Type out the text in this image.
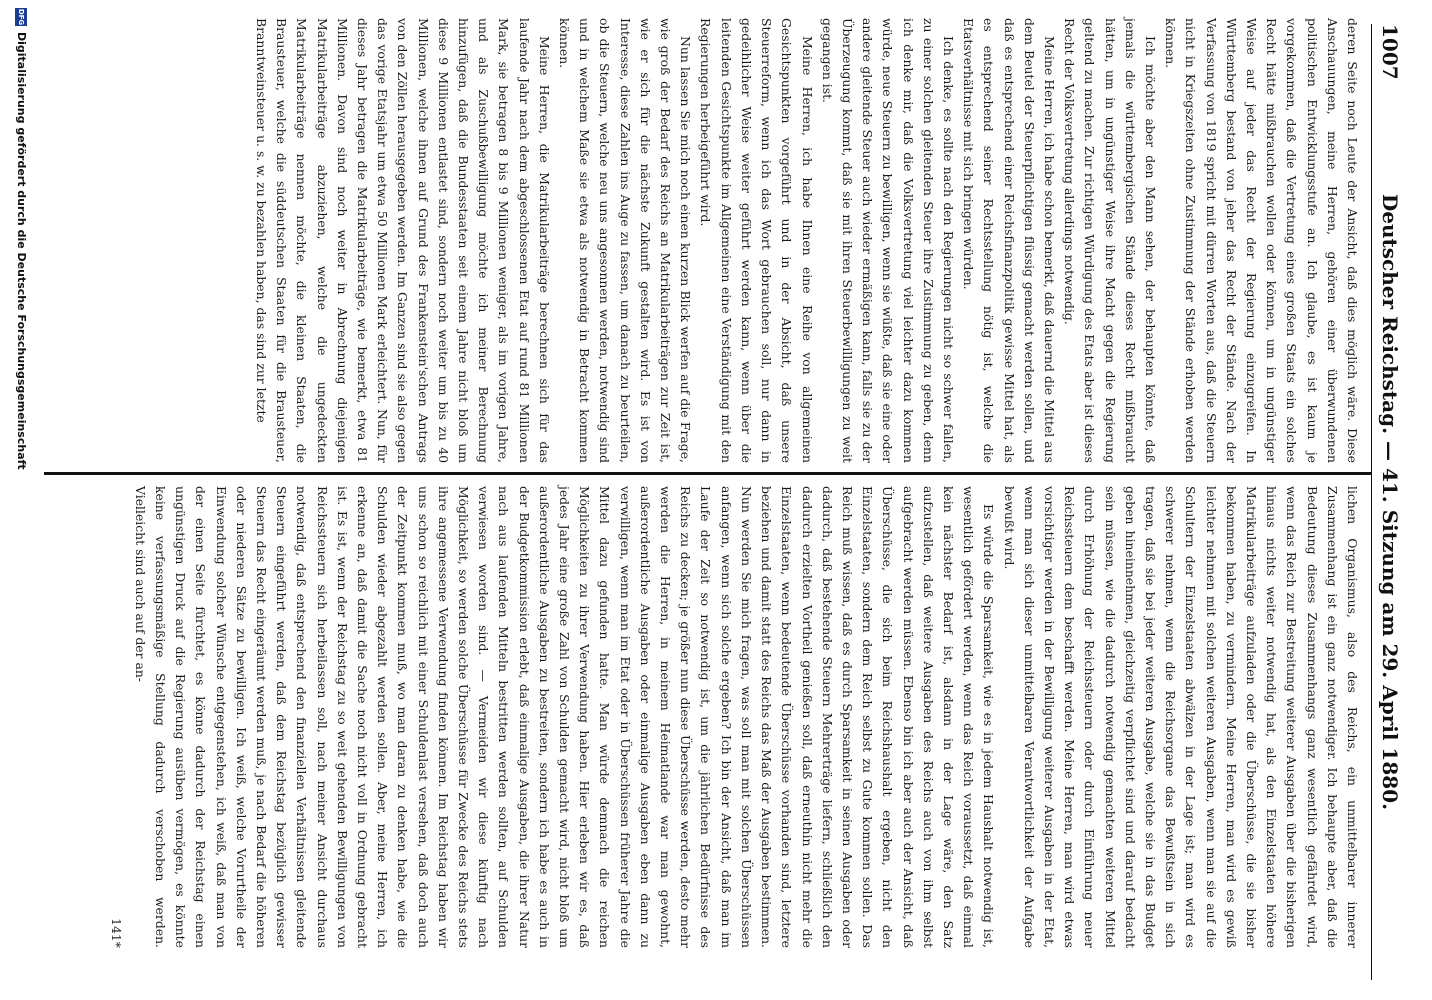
1007
Deutscher Reichstag. — 41. Sitzung am 29. April 1880.

deren Seite noch Leute der Ansicht, daß dies möglich wäre. Diese Anschauungen, meine Herren, gehören einer überwundenen politischen Entwicklungsstufe an. Ich glaube, es ist kaum je vorgekommen, daß die Vertretung eines großen Staats ein solches Recht hätte mißbrauchen wollen oder können, um in ungünstiger Weise auf jeder das Recht der Regierung einzugreifen. In Württemberg bestand von jeher das Recht der Stände. Nach der Verfassung von 1819 spricht mit dürren Worten aus, daß die Steuern nicht in Kriegszeiten ohne Zustimmung der Stände erhoben werden können.

Ich möchte aber den Mann sehen, der behaupten könnte, daß jemals die württembergischen Stände dieses Recht mißbraucht hätten, um in ungünstiger Weise ihre Macht gegen die Regierung geltend zu machen. Zur richtigen Würdigung des Etats aber ist dieses Recht der Volksvertretung allerdings notwendig.

Meine Herren, ich habe schon bemerkt, daß dauernd die Mittel aus dem Beutel der Steuerpflichtigen flüssig gemacht werden sollen, und daß es entsprechend einer Reichsfinanzpolitik gewisse Mittel hat, als es entsprechend seiner Rechtsstellung nötig ist, welche die Etatsverhältnisse mit sich bringen würden.

Ich denke, es sollte nach den Regierungen nicht so schwer fallen, zu einer solchen gleitenden Steuer ihre Zustimmung zu geben, denn ich denke mir, daß die Volksvertretung viel leichter dazu kommen würde, neue Steuern zu bewilligen, wenn sie wüßte, daß sie eine oder andere gleitende Steuer auch wieder ermäßigen kann, falls sie zu der Überzeugung kommt, daß sie mit ihren Steuerbewilligungen zu weit gegangen ist.

Meine Herren, ich habe Ihnen eine Reihe von allgemeinen Gesichtspunkten vorgeführt und in der Absicht, daß unsere Steuerreform, wenn ich das Wort gebrauchen soll, nur dann in gedeihlicher Weise weiter geführt werden kann, wenn über die leitenden Gesichtspunkte im Allgemeinen eine Verständigung mit den Regierungen herbeigeführt wird.

Nun lassen Sie mich noch einen kurzen Blick werfen auf die Frage, wie groß der Bedarf des Reichs an Matrikularbeiträgen zur Zeit ist, wie er sich für die nächste Zukunft gestalten wird. Es ist von Interesse, diese Zahlen ins Auge zu fassen, um danach zu beurteilen, ob die Steuern, welche neu uns angesonnen werden, notwendig sind und in welchem Maße sie etwa als notwendig in Betracht kommen können.

Meine Herren, die Matrikularbeiträge berechnen sich für das laufende Jahr nach dem abgeschlossenen Etat auf rund 81 Millionen Mark, sie betragen 8 bis 9 Millionen weniger, als im vorigen Jahre, und als Zuschußbewilligung möchte ich meiner Berechnung hinzufügen, daß die Bundesstaaten seit einem Jahre nicht bloß um diese 9 Millionen entlastet sind, sondern noch weiter um bis zu 40 Millionen, welche ihnen auf Grund des Frankenstein'schen Antrags von den Zöllen herausgegeben werden. Im Ganzen sind sie also gegen das vorige Etatsjahr um etwa 50 Millionen Mark erleichtert. Nun, für dieses Jahr betragen die Matrikularbeiträge, wie bemerkt, etwa 81 Millionen. Davon sind noch weiter in Abrechnung diejenigen Matrikularbeiträge abzuziehen, welche die ungedeckten Matrikularbeiträge nennen möchte, die kleinen Staaten, die Brausteuer, welche die süddeutschen Staaten für die Brausteuer, Branntweinsteuer u. s. w. zu bezahlen haben, das sind zur letzte

lichen Organismus, also des Reichs, ein unmittelbarer innerer Zusammenhang ist ein ganz notwendiger. Ich behaupte aber, daß die Bedeutung dieses Zusammenhangs ganz wesentlich gefährdet wird, wenn das Reich zur Bestreitung weiterer Ausgaben über die bisherigen hinaus nichts weiter notwendig hat, als den Einzelstaaten höhere Matrikularbeiträge aufzuladen oder die Überschüsse, die sie bisher bekommen haben, zu vermindern. Meine Herren, man wird es gewiß leichter nehmen mit solchen weiteren Ausgaben, wenn man sie auf die Schultern der Einzelstaaten abwälzen in der Lage ist; man wird es schwerer nehmen, wenn die Reichsorgane das Bewußtsein in sich tragen, daß sie bei jeder weiteren Ausgabe, welche sie in das Budget geben hineinnehmen, gleichzeitig verpflichtet sind und darauf bedacht sein müssen, wie die dadurch notwendig gemachten weiteren Mittel durch Erhöhung der Reichssteuern oder durch Einführung neuer Reichssteuern dem beschafft werden. Meine Herren, man wird etwas vorsichtiger werden in der Bewilligung weiterer Ausgaben in der Etat, wenn man sich dieser unmittelbaren Verantwortlichkeit der Aufgabe bewußt wird.

Es würde die Sparsamkeit, wie es in jedem Haushalt notwendig ist, wesentlich gefördert werden, wenn das Reich voraussetzt, daß einmal kein nächster Bedarf ist, alsdann in der Lage wäre, den Satz aufzustellen, daß weitere Ausgaben des Reichs auch von ihm selbst aufgebracht werden müssen. Ebenso bin ich aber auch der Ansicht, daß Überschüsse, die sich beim Reichshaushalt ergeben, nicht den Einzelstaaten, sondern dem Reich selbst zu Gute kommen sollen. Das Reich muß wissen, daß es durch Sparsamkeit in seinen Ausgaben oder dadurch, daß bestehende Steuern Mehrerträge liefern, schließlich den dadurch erzielten Vortheil genießen soll, daß erneuthin nicht mehr die Einzelstaaten, wenn bedeutende Überschüsse vorhanden sind, letztere beziehen und damit statt des Reichs das Maß der Ausgaben bestimmen. Nun werden Sie mich fragen, was soll man mit solchen Überschüssen anfangen, wenn sich solche ergeben? Ich bin der Ansicht, daß man im Laufe der Zeit so notwendig ist, um die jährlichen Bedürfnisse des Reichs zu decken; je größer nun diese Überschüsse werden, desto mehr werden die Herren, in meinem Heimatlande war man gewohnt, außerordentliche Ausgaben oder einmalige Ausgaben eben dann zu verwilligen, wenn man im Etat oder in Überschüssen früherer Jahre die Mittel dazu gefunden hatte. Man würde demnach die reichen Möglichkeiten zu ihrer Verwendung haben. Hier erleben wir es, daß jedes Jahr eine große Zahl von Schulden gemacht wird, nicht bloß um außerordentliche Ausgaben zu bestreiten, sondern ich habe es auch in der Budgetkommission erlebt, daß einmalige Ausgaben, die ihrer Natur nach aus laufenden Mitteln bestritten werden sollten, auf Schulden verwiesen worden sind. — Vermeiden wir diese künftig nach Möglichkeit, so werden solche Überschüsse für Zwecke des Reichs stets ihre angemessene Verwendung finden können. Im Reichstag haben wir uns schon so reichlich mit einer Schuldenlast versehen, daß doch auch der Zeitpunkt kommen muß, wo man daran zu denken habe, wie die Schulden wieder abgezahlt werden sollen. Aber, meine Herren, ich erkenne an, daß damit die Sache noch nicht voll in Ordnung gebracht ist. Es ist, wenn der Reichstag zu so weit gehenden Bewilligungen von Reichssteuern sich herbeilassen soll, nach meiner Ansicht durchaus notwendig, daß entsprechend den finanziellen Verhältnissen gleitende Steuern eingeführt werden, daß dem Reichstag bezüglich gewisser Steuern das Recht eingeräumt werden muß, je nach Bedarf die höheren oder niederen Sätze zu bewilligen. Ich weiß, welche Vorurtheile der Einwendung solcher Wünsche entgegenstehen, ich weiß, daß man von der einen Seite fürchtet, es könne dadurch der Reichstag einen ungünstigen Druck auf die Regierung ausüben vermögen, es könnte keine verfassungsmäßige Stellung dadurch verschoben werden. Vielleicht sind auch auf der an-

141*
DFG
Digitalisierung gefördert durch die Deutsche Forschungsgemeinschaft
